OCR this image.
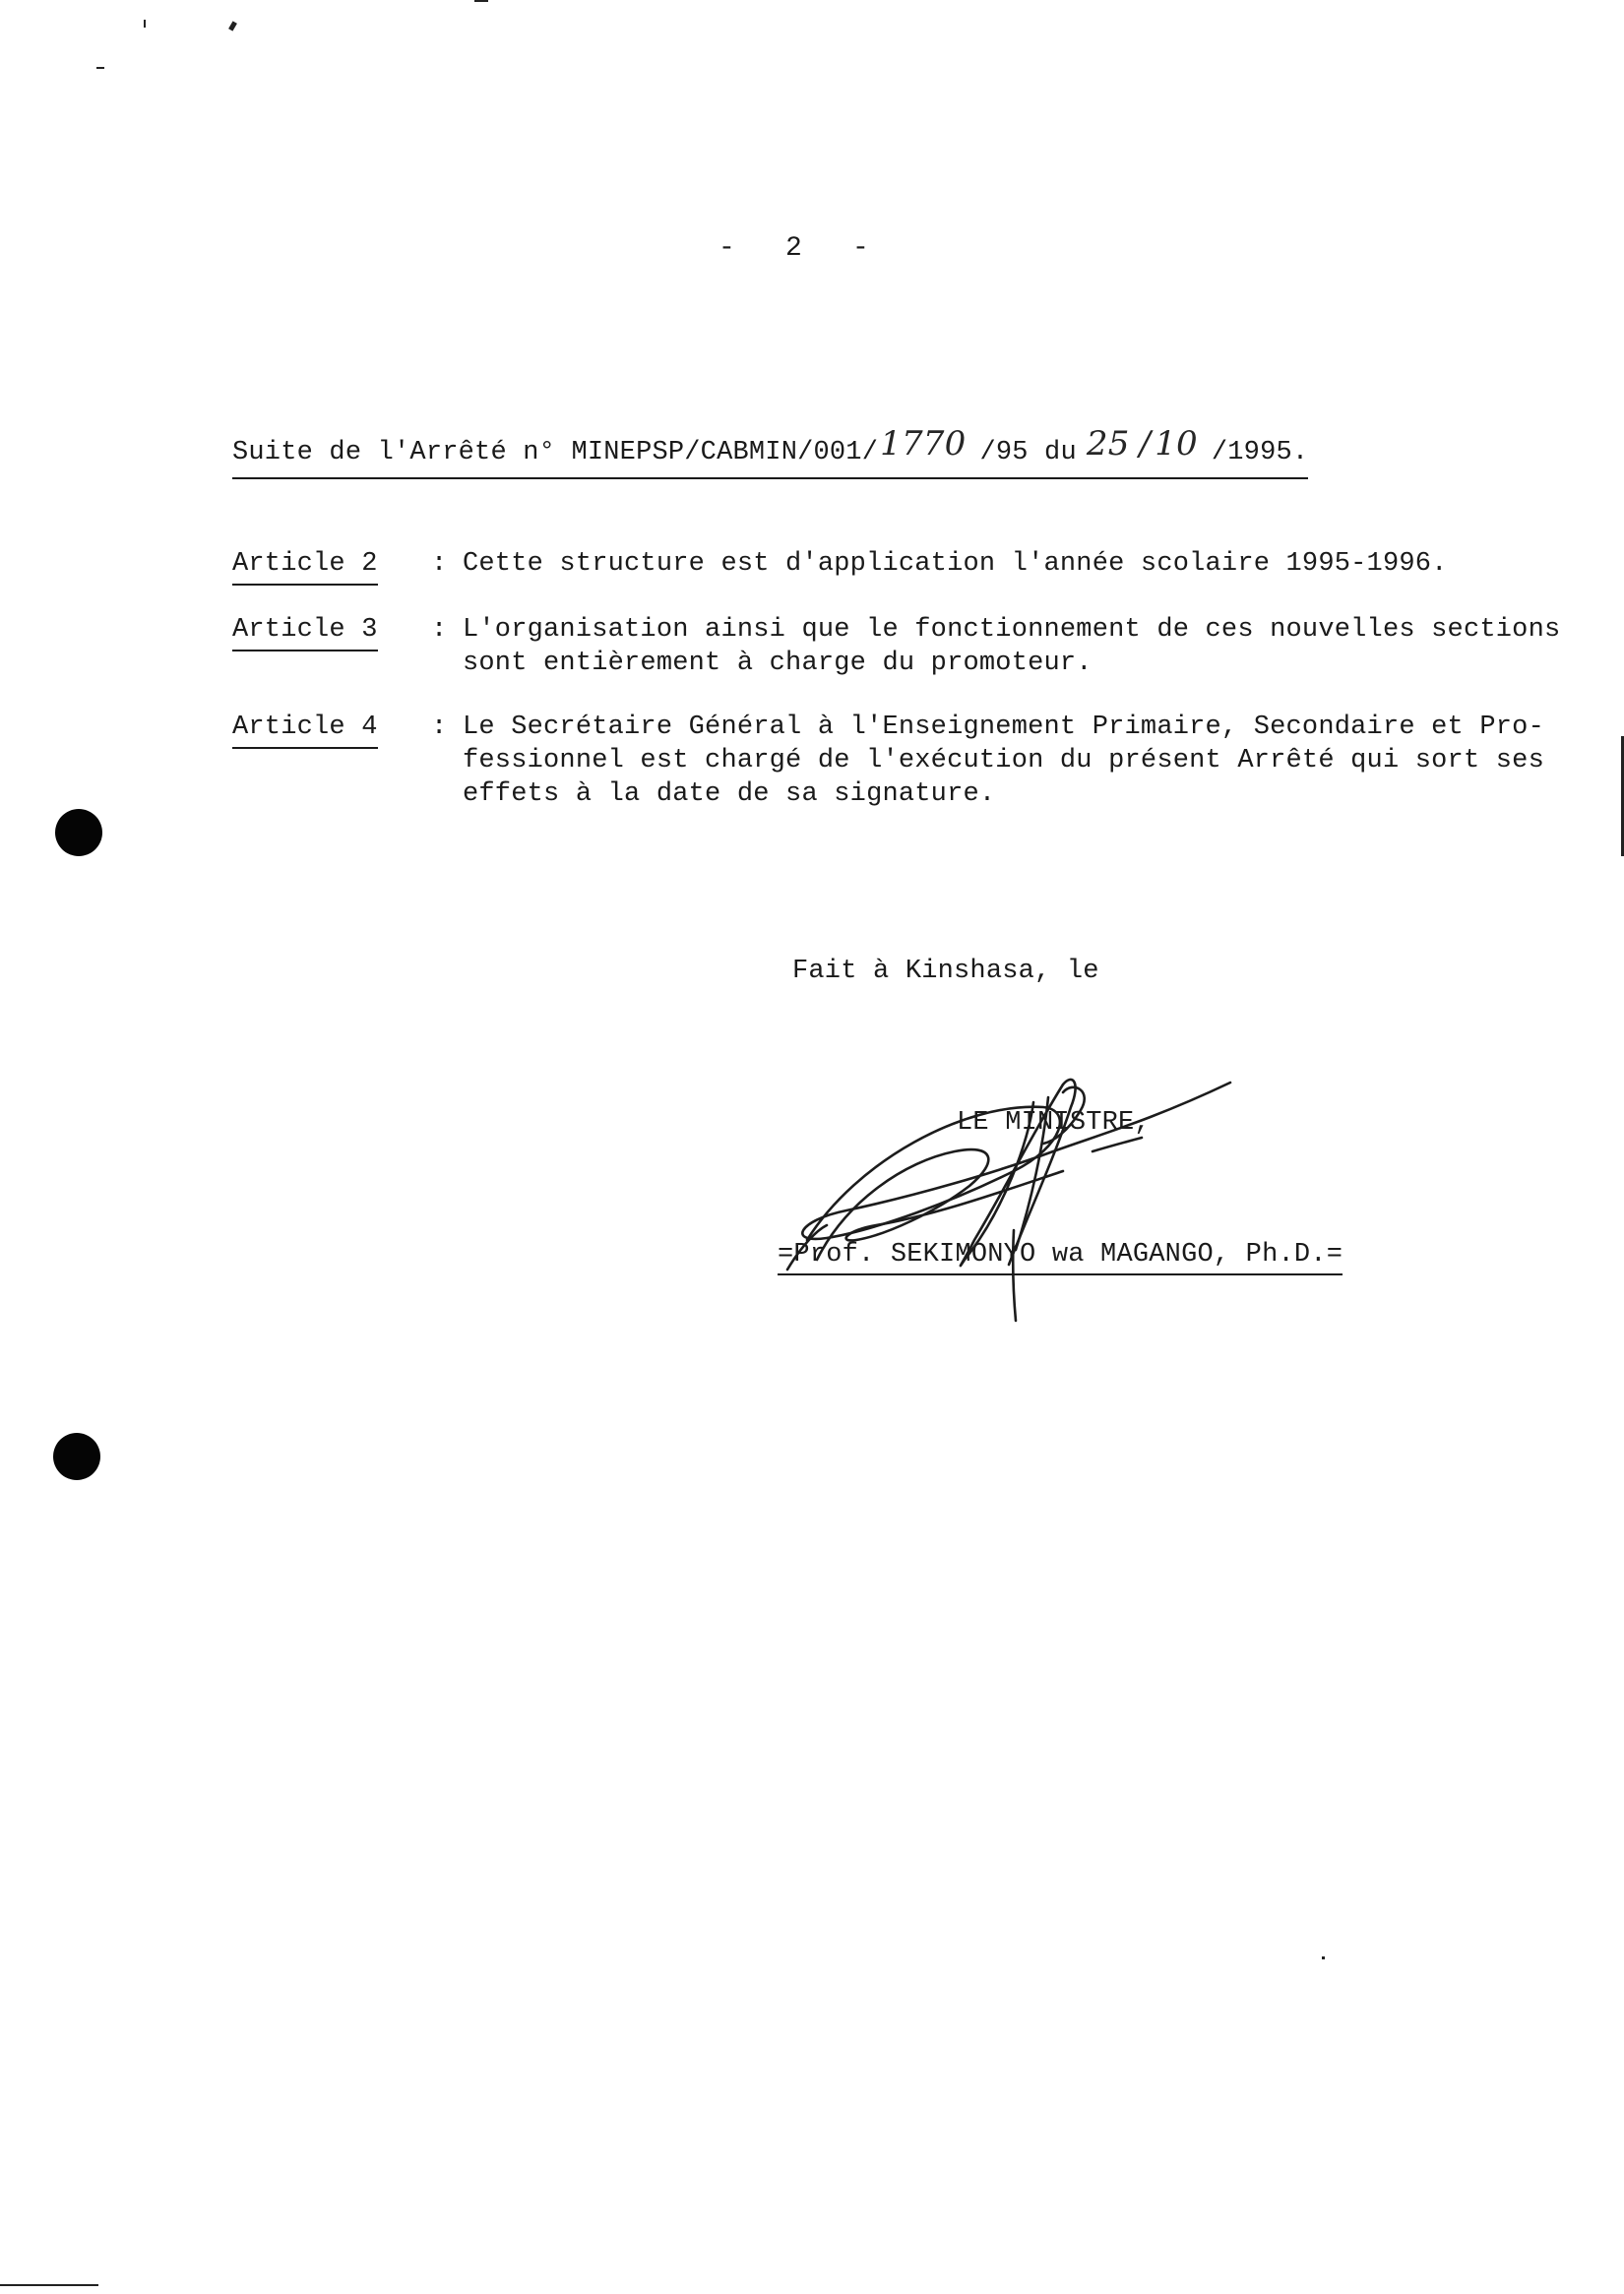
-   2   -
Suite de l'Arrêté n° MINEPSP/CABMIN/001/1770 /95 du 25 / 10 /1995.
Article 2 : Cette structure est d'application l'année scolaire 1995-1996.
Article 3 : L'organisation ainsi que le fonctionnement de ces nouvelles sections
sont entièrement à charge du promoteur.
Article 4 : Le Secrétaire Général à l'Enseignement Primaire, Secondaire et Pro-
fessionnel est chargé de l'exécution du présent Arrêté qui sort ses
effets à la date de sa signature.
Fait à Kinshasa, le
LE MINISTRE,
=Prof. SEKIMONYO wa MAGANGO, Ph.D.=
